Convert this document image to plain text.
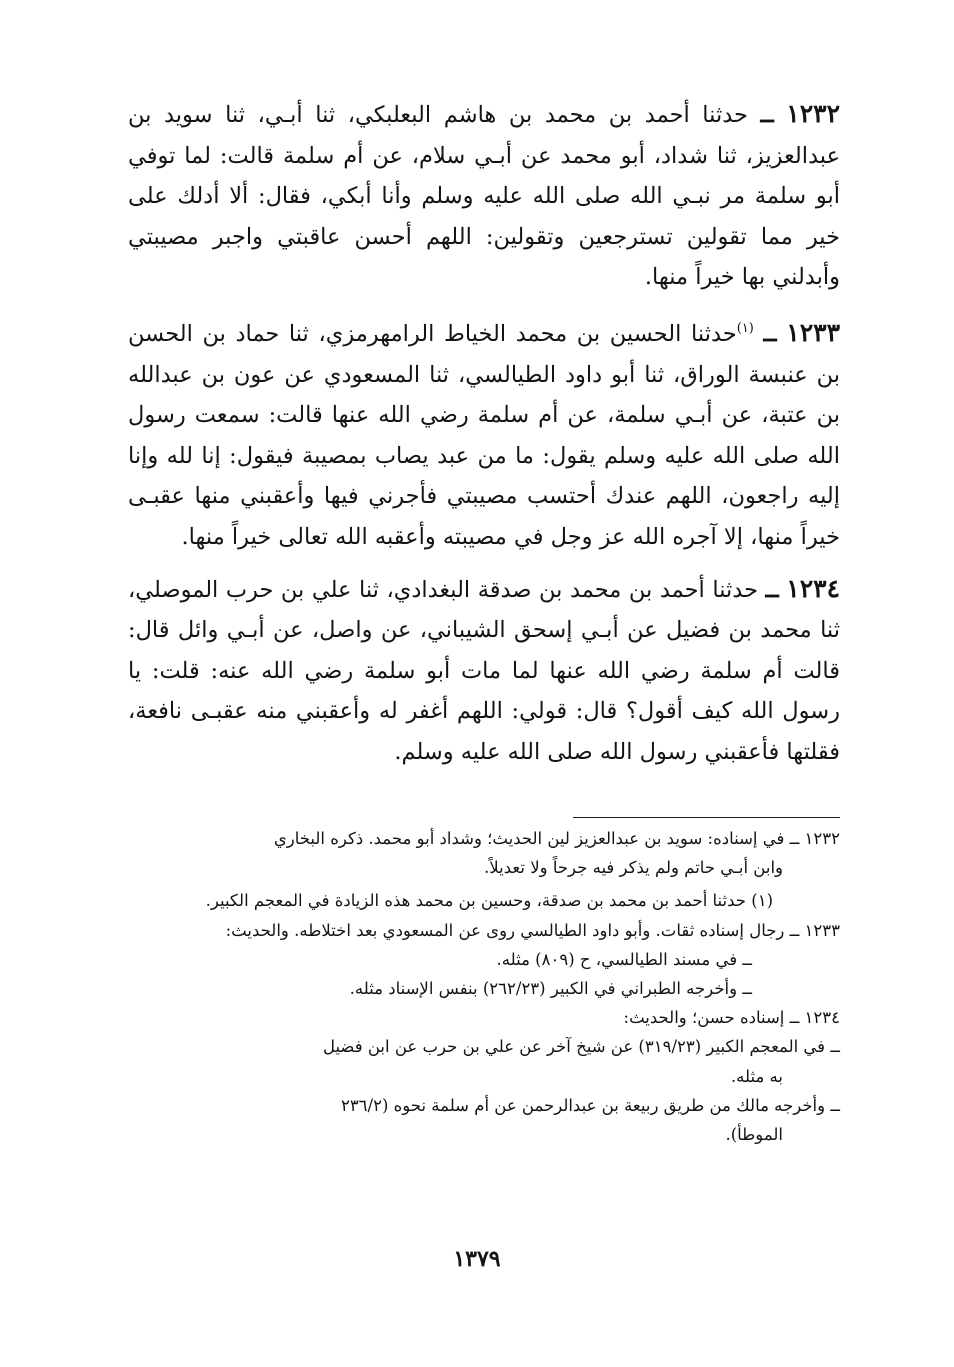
١٢٣٢ ــ حدثنا أحمد بن محمد بن هاشم البعلبكي، ثنا أبـي، ثنا سويد بن عبدالعزيز، ثنا شداد، أبو محمد عن أبـي سلام، عن أم سلمة قالت: لما توفي أبو سلمة مر نبـي الله صلى الله عليه وسلم وأنا أبكي، فقال: ألا أدلك على خير مما تقولين تسترجعين وتقولين: اللهم أحسن عاقبتي واجبر مصيبتي وأبدلني بها خيراً منها.

١٢٣٣ ــ $^{(١)}$حدثنا الحسين بن محمد الخياط الرامهرمزي، ثنا حماد بن الحسن بن عنبسة الوراق، ثنا أبو داود الطيالسي، ثنا المسعودي عن عون بن عبدالله بن عتبة، عن أبـي سلمة، عن أم سلمة رضي الله عنها قالت: سمعت رسول الله صلى الله عليه وسلم يقول: ما من عبد يصاب بمصيبة فيقول: إنا لله وإنا إليه راجعون، اللهم عندك أحتسب مصيبتي فأجرني فيها وأعقبني منها عقبـى خيراً منها، إلا آجره الله عز وجل في مصيبته وأعقبه الله تعالى خيراً منها.

١٢٣٤ ــ حدثنا أحمد بن محمد بن صدقة البغدادي، ثنا علي بن حرب الموصلي، ثنا محمد بن فضيل عن أبـي إسحق الشيباني، عن واصل، عن أبـي وائل قال: قالت أم سلمة رضي الله عنها لما مات أبو سلمة رضي الله عنه: قلت: يا رسول الله كيف أقول؟ قال: قولي: اللهم أغفر له وأعقبني منه عقبـى نافعة، فقلتها فأعقبني رسول الله صلى الله عليه وسلم.

١٢٣٢ ــ في إسناده: سويد بن عبدالعزيز لين الحديث؛ وشداد أبو محمد. ذكره البخاري

وابن أبـي حاتم ولم يذكر فيه جرحاً ولا تعديلاً.

(١) حدثنا أحمد بن محمد بن صدقة، وحسين بن محمد هذه الزيادة في المعجم الكبير.

١٢٣٣ ــ رجال إسناده ثقات. وأبو داود الطيالسي روى عن المسعودي بعد اختلاطه. والحديث:

ــ في مسند الطيالسي، ح (٨٠٩) مثله.

ــ وأخرجه الطبراني في الكبير (٢٦٢/٢٣) بنفس الإسناد مثله.

١٢٣٤ ــ إسناده حسن؛ والحديث:

ــ في المعجم الكبير (٣١٩/٢٣) عن شيخ آخر عن علي بن حرب عن ابن فضيل

به مثله.

ــ وأخرجه مالك من طريق ربيعة بن عبدالرحمن عن أم سلمة نحوه (٢٣٦/٢

الموطأ).

١٣٧٩
